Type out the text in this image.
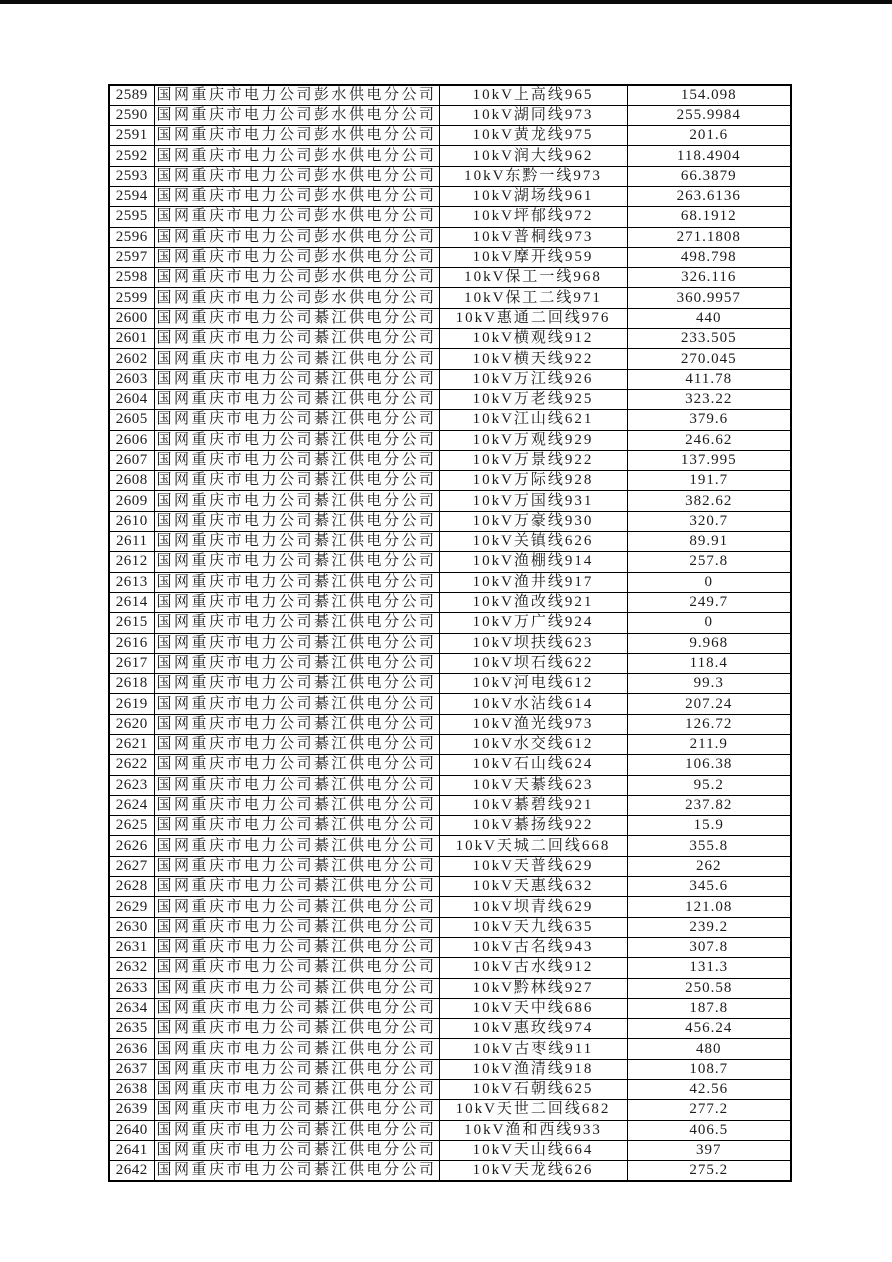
2589	国网重庆市电力公司彭水供电分公司	10kV上高线965	154.098
2590	国网重庆市电力公司彭水供电分公司	10kV湖同线973	255.9984
2591	国网重庆市电力公司彭水供电分公司	10kV黄龙线975	201.6
2592	国网重庆市电力公司彭水供电分公司	10kV润大线962	118.4904
2593	国网重庆市电力公司彭水供电分公司	10kV东黔一线973	66.3879
2594	国网重庆市电力公司彭水供电分公司	10kV湖场线961	263.6136
2595	国网重庆市电力公司彭水供电分公司	10kV坪郁线972	68.1912
2596	国网重庆市电力公司彭水供电分公司	10kV普桐线973	271.1808
2597	国网重庆市电力公司彭水供电分公司	10kV摩开线959	498.798
2598	国网重庆市电力公司彭水供电分公司	10kV保工一线968	326.116
2599	国网重庆市电力公司彭水供电分公司	10kV保工二线971	360.9957
2600	国网重庆市电力公司綦江供电分公司	10kV惠通二回线976	440
2601	国网重庆市电力公司綦江供电分公司	10kV横观线912	233.505
2602	国网重庆市电力公司綦江供电分公司	10kV横天线922	270.045
2603	国网重庆市电力公司綦江供电分公司	10kV万江线926	411.78
2604	国网重庆市电力公司綦江供电分公司	10kV万老线925	323.22
2605	国网重庆市电力公司綦江供电分公司	10kV江山线621	379.6
2606	国网重庆市电力公司綦江供电分公司	10kV万观线929	246.62
2607	国网重庆市电力公司綦江供电分公司	10kV万景线922	137.995
2608	国网重庆市电力公司綦江供电分公司	10kV万际线928	191.7
2609	国网重庆市电力公司綦江供电分公司	10kV万国线931	382.62
2610	国网重庆市电力公司綦江供电分公司	10kV万豪线930	320.7
2611	国网重庆市电力公司綦江供电分公司	10kV关镇线626	89.91
2612	国网重庆市电力公司綦江供电分公司	10kV渔棚线914	257.8
2613	国网重庆市电力公司綦江供电分公司	10kV渔井线917	0
2614	国网重庆市电力公司綦江供电分公司	10kV渔改线921	249.7
2615	国网重庆市电力公司綦江供电分公司	10kV万广线924	0
2616	国网重庆市电力公司綦江供电分公司	10kV坝扶线623	9.968
2617	国网重庆市电力公司綦江供电分公司	10kV坝石线622	118.4
2618	国网重庆市电力公司綦江供电分公司	10kV河电线612	99.3
2619	国网重庆市电力公司綦江供电分公司	10kV水沾线614	207.24
2620	国网重庆市电力公司綦江供电分公司	10kV渔光线973	126.72
2621	国网重庆市电力公司綦江供电分公司	10kV水交线612	211.9
2622	国网重庆市电力公司綦江供电分公司	10kV石山线624	106.38
2623	国网重庆市电力公司綦江供电分公司	10kV天綦线623	95.2
2624	国网重庆市电力公司綦江供电分公司	10kV綦碧线921	237.82
2625	国网重庆市电力公司綦江供电分公司	10kV綦扬线922	15.9
2626	国网重庆市电力公司綦江供电分公司	10kV天城二回线668	355.8
2627	国网重庆市电力公司綦江供电分公司	10kV天普线629	262
2628	国网重庆市电力公司綦江供电分公司	10kV天惠线632	345.6
2629	国网重庆市电力公司綦江供电分公司	10kV坝青线629	121.08
2630	国网重庆市电力公司綦江供电分公司	10kV天九线635	239.2
2631	国网重庆市电力公司綦江供电分公司	10kV古名线943	307.8
2632	国网重庆市电力公司綦江供电分公司	10kV古水线912	131.3
2633	国网重庆市电力公司綦江供电分公司	10kV黔林线927	250.58
2634	国网重庆市电力公司綦江供电分公司	10kV天中线686	187.8
2635	国网重庆市电力公司綦江供电分公司	10kV惠玫线974	456.24
2636	国网重庆市电力公司綦江供电分公司	10kV古枣线911	480
2637	国网重庆市电力公司綦江供电分公司	10kV渔清线918	108.7
2638	国网重庆市电力公司綦江供电分公司	10kV石朝线625	42.56
2639	国网重庆市电力公司綦江供电分公司	10kV天世二回线682	277.2
2640	国网重庆市电力公司綦江供电分公司	10kV渔和西线933	406.5
2641	国网重庆市电力公司綦江供电分公司	10kV天山线664	397
2642	国网重庆市电力公司綦江供电分公司	10kV天龙线626	275.2
